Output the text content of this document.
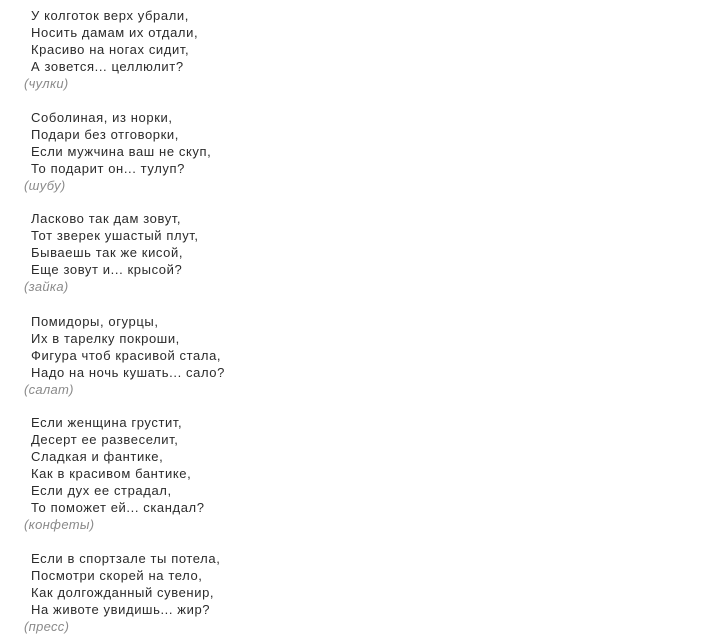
У колготок верх убрали,
Носить дамам их отдали,
Красиво на ногах сидит,
А зовется... целлюлит?
(чулки)
Соболиная, из норки,
Подари без отговорки,
Если мужчина ваш не скуп,
То подарит он... тулуп?
(шубу)
Ласково так дам зовут,
Тот зверек ушастый плут,
Бываешь так же кисой,
Еще зовут и... крысой?
(зайка)
Помидоры, огурцы,
Их в тарелку покроши,
Фигура чтоб красивой стала,
Надо на ночь кушать... сало?
(салат)
Если женщина грустит,
Десерт ее развеселит,
Сладкая и фантике,
Как в красивом бантике,
Если дух ее страдал,
То поможет ей... скандал?
(конфеты)
Если в спортзале ты потела,
Посмотри скорей на тело,
Как долгожданный сувенир,
На животе увидишь... жир?
(пресс)
